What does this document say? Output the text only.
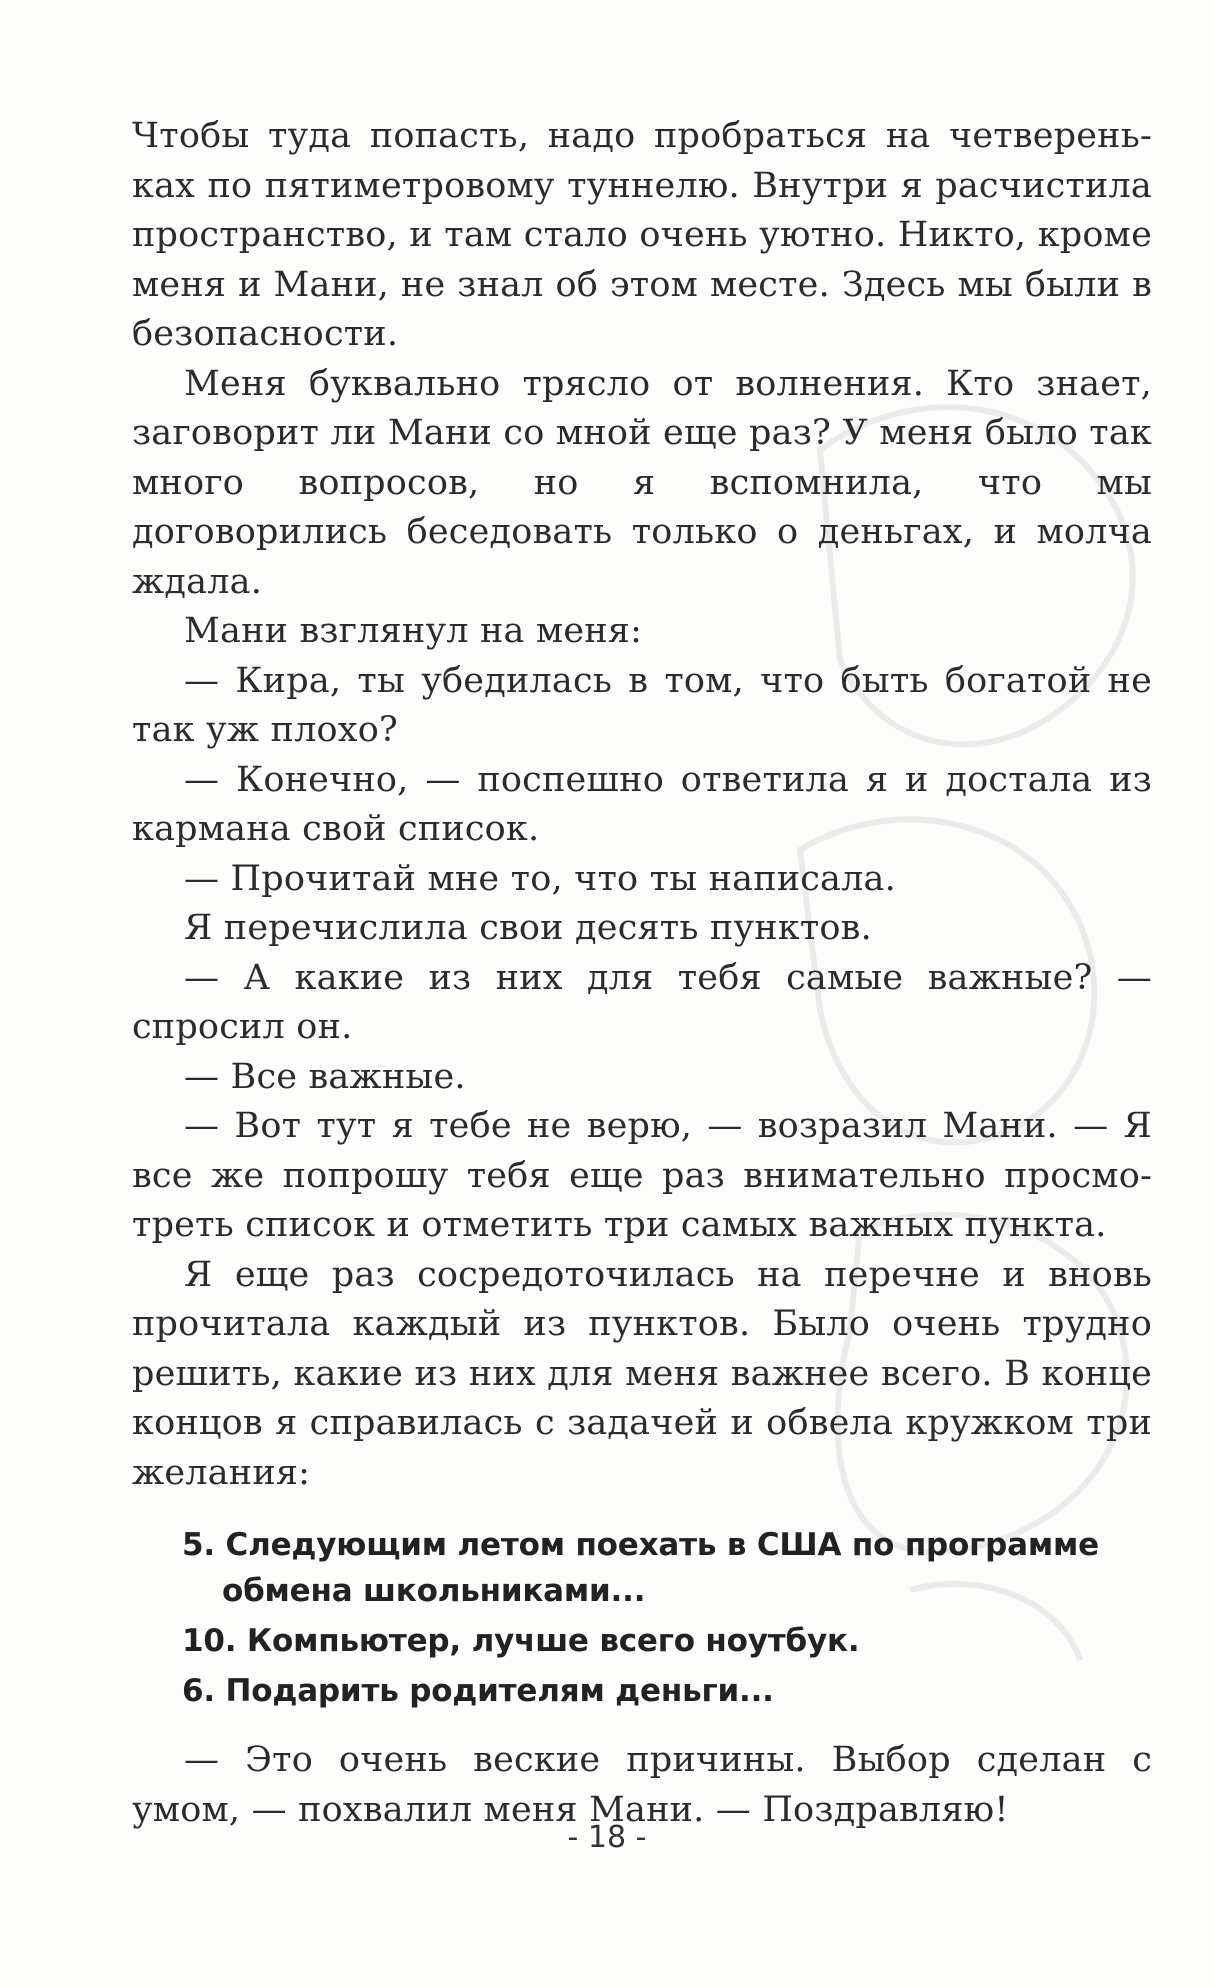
Чтобы туда попасть, надо пробраться на четверень-ках по пятиметровому туннелю. Внутри я расчистила пространство, и там стало очень уютно. Никто, кроме меня и Мани, не знал об этом месте. Здесь мы были в безопасности.

Меня буквально трясло от волнения. Кто знает, заговорит ли Мани со мной еще раз? У меня было так много вопросов, но я вспомнила, что мы договорились беседовать только о деньгах, и молча ждала.

Мани взглянул на меня:

— Кира, ты убедилась в том, что быть богатой не так уж плохо?

— Конечно, — поспешно ответила я и достала из кармана свой список.

— Прочитай мне то, что ты написала.

Я перечислила свои десять пунктов.

— А какие из них для тебя самые важные? — спросил он.

— Все важные.

— Вот тут я тебе не верю, — возразил Мани. — Я все же попрошу тебя еще раз внимательно просмо-треть список и отметить три самых важных пункта.

Я еще раз сосредоточилась на перечне и вновь прочитала каждый из пунктов. Было очень трудно решить, какие из них для меня важнее всего. В конце концов я справилась с задачей и обвела кружком три желания:

5. Следующим летом поехать в США по программе обмена школьниками...
10. Компьютер, лучше всего ноутбук.
6. Подарить родителям деньги...

— Это очень веские причины. Выбор сделан с умом, — похвалил меня Мани. — Поздравляю!

- 18 -
